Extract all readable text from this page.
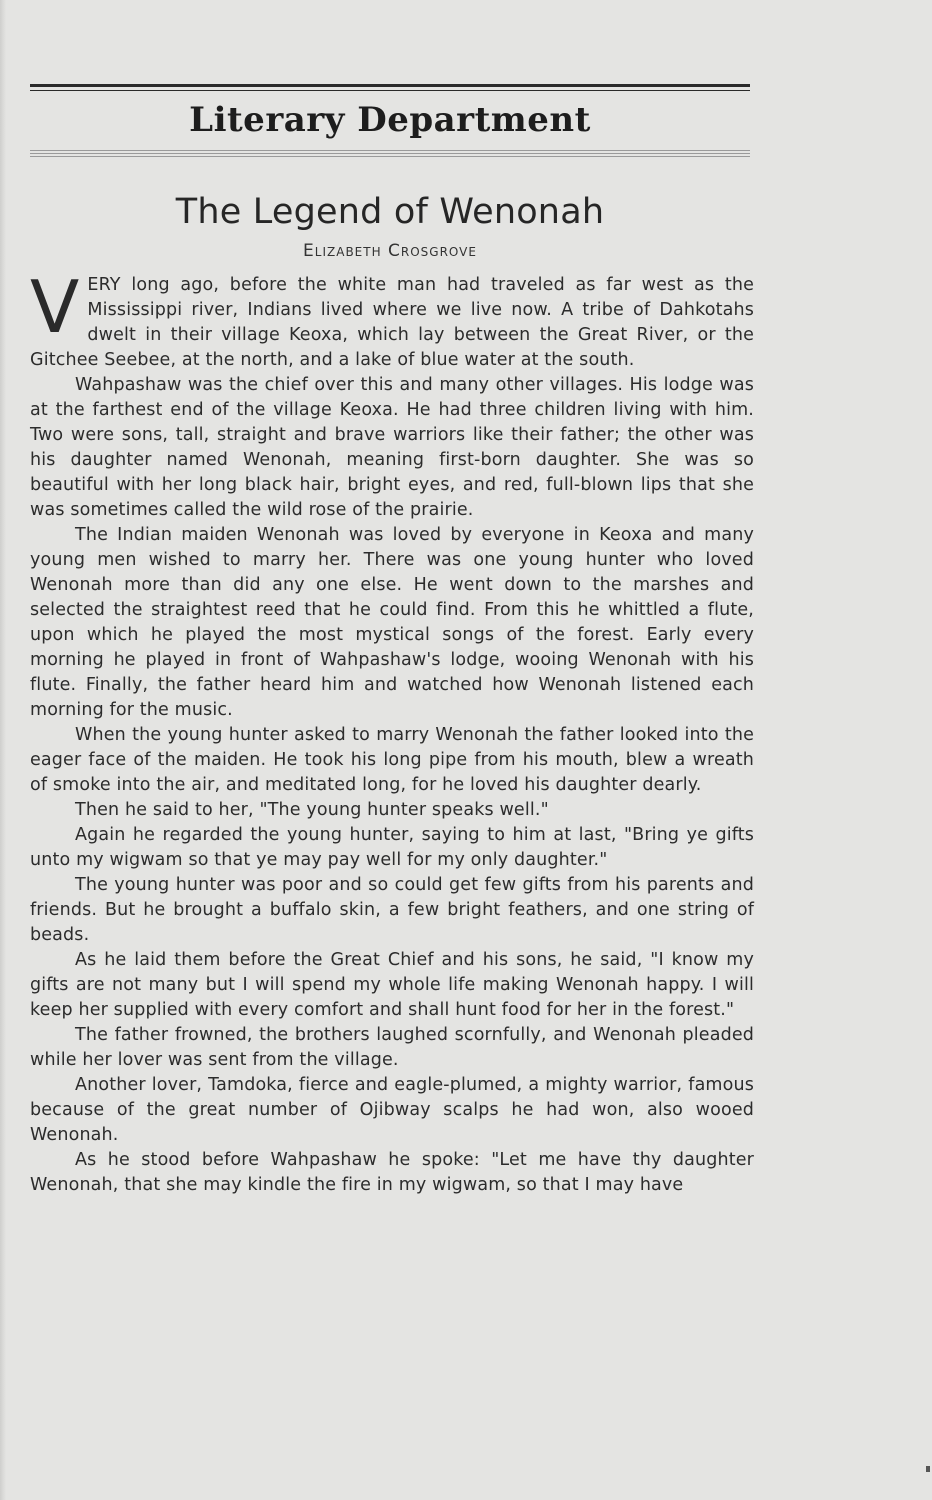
Literary Department
The Legend of Wenonah
Elizabeth Crosgrove

VERY long ago, before the white man had traveled as far west as the Mississippi river, Indians lived where we live now. A tribe of Dahkotahs dwelt in their village Keoxa, which lay between the Great River, or the Gitchee Seebee, at the north, and a lake of blue water at the south.

Wahpashaw was the chief over this and many other villages. His lodge was at the farthest end of the village Keoxa. He had three children living with him. Two were sons, tall, straight and brave warriors like their father; the other was his daughter named Wenonah, meaning first-born daughter. She was so beautiful with her long black hair, bright eyes, and red, full-blown lips that she was sometimes called the wild rose of the prairie.

The Indian maiden Wenonah was loved by everyone in Keoxa and many young men wished to marry her. There was one young hunter who loved Wenonah more than did any one else. He went down to the marshes and selected the straightest reed that he could find. From this he whittled a flute, upon which he played the most mystical songs of the forest. Early every morning he played in front of Wahpashaw's lodge, wooing Wenonah with his flute. Finally, the father heard him and watched how Wenonah listened each morning for the music.

When the young hunter asked to marry Wenonah the father looked into the eager face of the maiden. He took his long pipe from his mouth, blew a wreath of smoke into the air, and meditated long, for he loved his daughter dearly.

Then he said to her, "The young hunter speaks well."

Again he regarded the young hunter, saying to him at last, "Bring ye gifts unto my wigwam so that ye may pay well for my only daughter."

The young hunter was poor and so could get few gifts from his parents and friends. But he brought a buffalo skin, a few bright feathers, and one string of beads.

As he laid them before the Great Chief and his sons, he said, "I know my gifts are not many but I will spend my whole life making Wenonah happy. I will keep her supplied with every comfort and shall hunt food for her in the forest."

The father frowned, the brothers laughed scornfully, and Wenonah pleaded while her lover was sent from the village.

Another lover, Tamdoka, fierce and eagle-plumed, a mighty warrior, famous because of the great number of Ojibway scalps he had won, also wooed Wenonah.

As he stood before Wahpashaw he spoke: "Let me have thy daughter Wenonah, that she may kindle the fire in my wigwam, so that I may have
